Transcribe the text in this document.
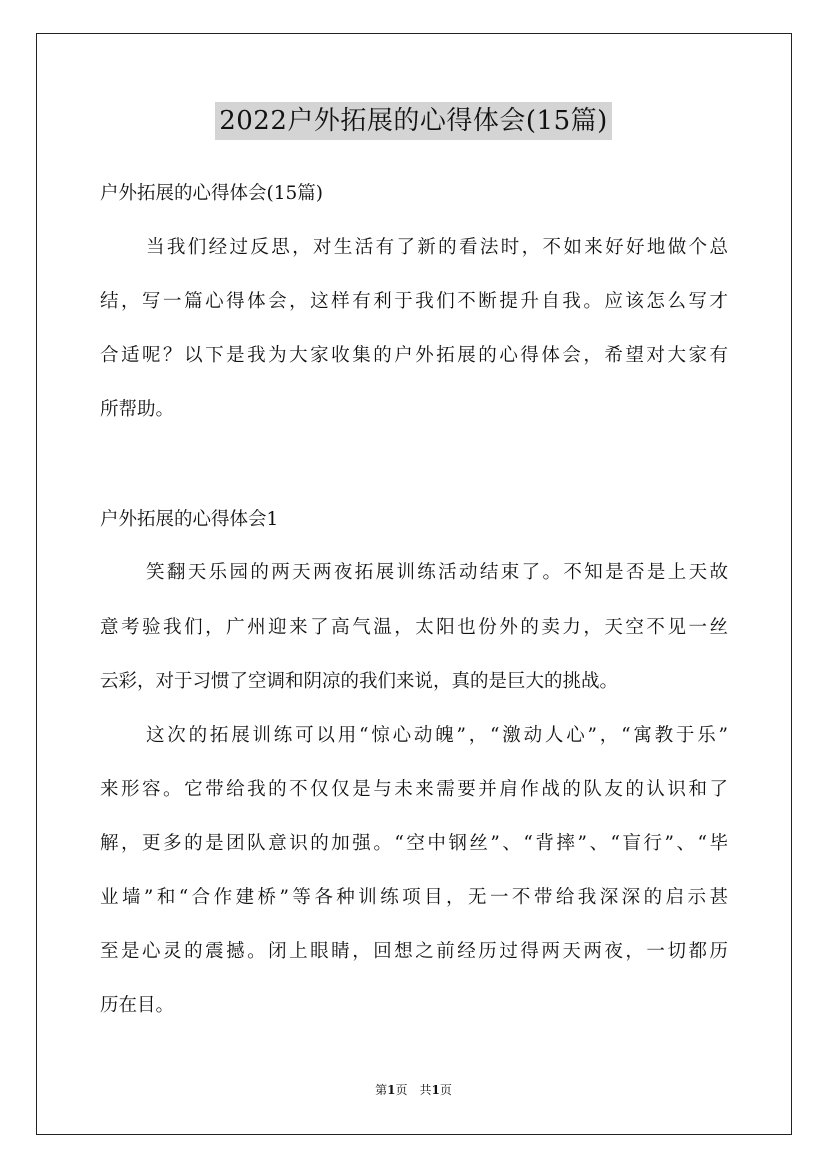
2022户外拓展的心得体会(15篇)
户外拓展的心得体会(15篇)
当我们经过反思，对生活有了新的看法时，不如来好好地做个总
结，写一篇心得体会，这样有利于我们不断提升自我。应该怎么写才
合适呢？以下是我为大家收集的户外拓展的心得体会，希望对大家有
所帮助。
户外拓展的心得体会1
笑翻天乐园的两天两夜拓展训练活动结束了。不知是否是上天故
意考验我们，广州迎来了高气温，太阳也份外的卖力，天空不见一丝
云彩，对于习惯了空调和阴凉的我们来说，真的是巨大的挑战。
这次的拓展训练可以用“惊心动魄”，“激动人心”，“寓教于乐”
来形容。它带给我的不仅仅是与未来需要并肩作战的队友的认识和了
解，更多的是团队意识的加强。“空中钢丝”、“背摔”、“盲行”、“毕
业墙”和“合作建桥”等各种训练项目，无一不带给我深深的启示甚
至是心灵的震撼。闭上眼睛，回想之前经历过得两天两夜，一切都历
历在目。
第1页　共1页
